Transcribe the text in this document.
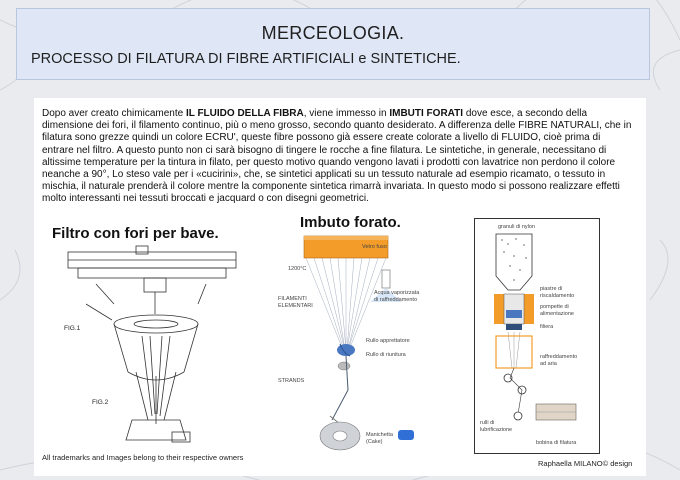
MERCEOLOGIA.
PROCESSO DI FILATURA DI FIBRE ARTIFICIALI e SINTETICHE.

Dopo aver creato chimicamente IL FLUIDO DELLA FIBRA, viene immesso in IMBUTI FORATI dove esce, a secondo della dimensione dei fori, il filamento continuo, più o meno grosso, secondo quanto desiderato. A differenza delle FIBRE NATURALI, che in filatura sono grezze quindi un colore ECRU', queste fibre possono già essere create colorate a livello di FLUIDO, cioè prima di entrare nel filtro. A questo punto non ci sarà bisogno di tingere le rocche a fine filatura. Le sintetiche, in generale, necessitano di altissime temperature per la tintura in filato, per questo motivo quando vengono lavati i prodotti con lavatrice non perdono il colore neanche a 90°, Lo steso vale per i «cucirini», che, se sintetici applicati su un tessuto naturale ad esempio ricamato, o tessuto in mischia, il naturale prenderà il colore mentre la componente sintetica rimarrà invariata. In questo modo si possono realizzare effetti molto interessanti nei tessuti broccati e jacquard o con disegni geometrici.

Filtro con fori per bave.
Imbuto forato.
FIG.1
FIG.2
Vetro fuso
1200°C
FILAMENTI
ELEMENTARI
Acqua vaporizzata
di raffreddamento
Rullo apprettatore
Rullo di riunitura
STRANDS
Manichetta
(Cake)
granuli di nylon
piastre di
riscaldamento
pompette di
alimentazione
filiera
raffreddamento
ad aria
rulli di
lubrificazione
bobina di filatura
All trademarks and Images belong to their respective owners
Raphaella MILANO© design
